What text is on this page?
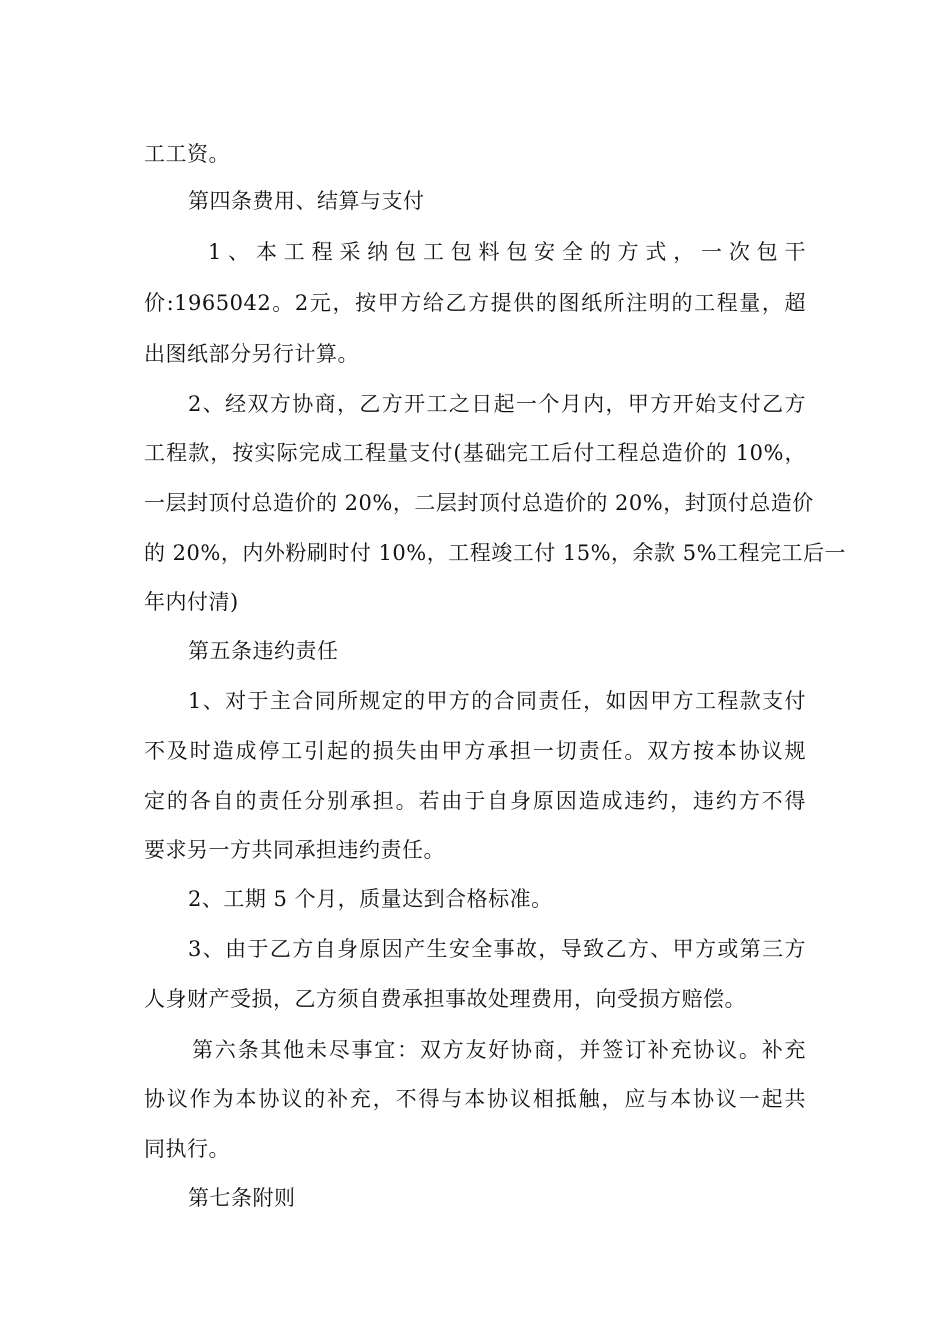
工工资。
第四条费用、结算与支付
1、本工程采纳包工包料包安全的方式，一次包干
价:1965042。2元，按甲方给乙方提供的图纸所注明的工程量，超
出图纸部分另行计算。
2、经双方协商，乙方开工之日起一个月内，甲方开始支付乙方
工程款，按实际完成工程量支付(基础完工后付工程总造价的 10%，
一层封顶付总造价的 20%，二层封顶付总造价的 20%，封顶付总造价
的 20%，内外粉刷时付 10%，工程竣工付 15%，余款 5%工程完工后一
年内付清)
第五条违约责任
1、对于主合同所规定的甲方的合同责任，如因甲方工程款支付
不及时造成停工引起的损失由甲方承担一切责任。双方按本协议规
定的各自的责任分别承担。若由于自身原因造成违约，违约方不得
要求另一方共同承担违约责任。
2、工期 5 个月，质量达到合格标准。
3、由于乙方自身原因产生安全事故，导致乙方、甲方或第三方
人身财产受损，乙方须自费承担事故处理费用，向受损方赔偿。
第六条其他未尽事宜：双方友好协商，并签订补充协议。补充
协议作为本协议的补充，不得与本协议相抵触，应与本协议一起共
同执行。
第七条附则
